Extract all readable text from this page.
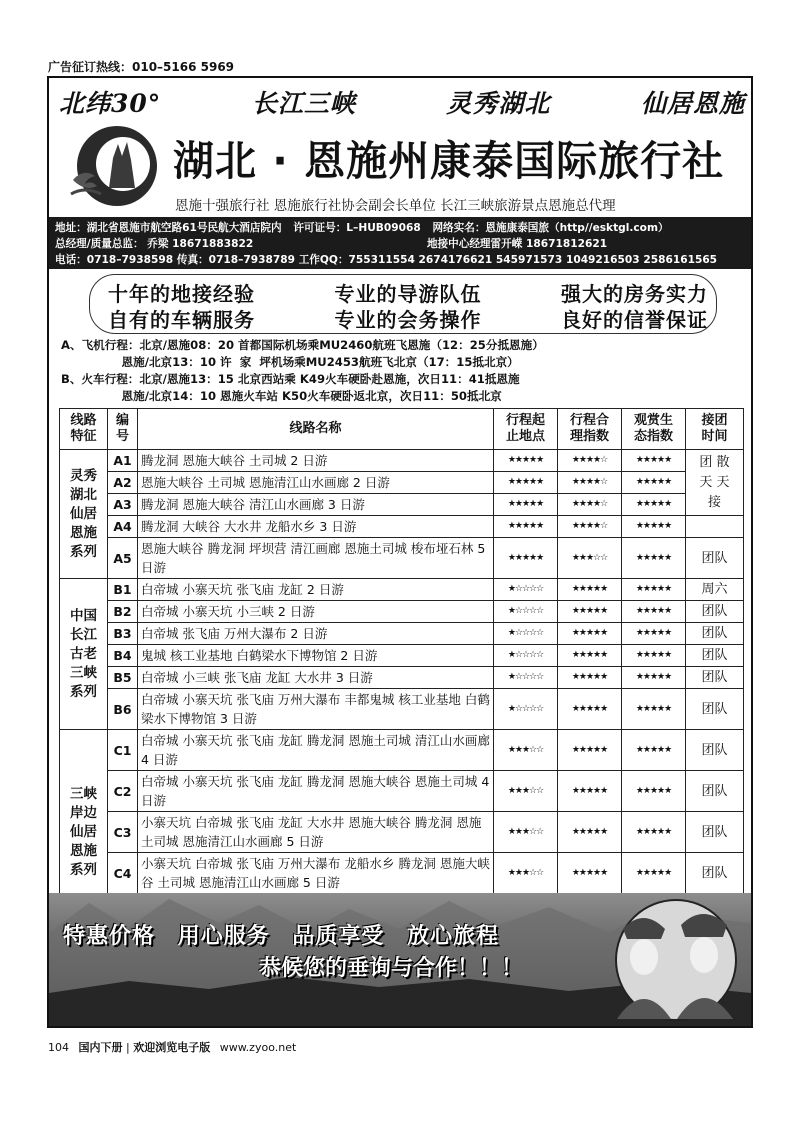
广告征订热线：010–5166 5969
北纬30°	长江三峡	灵秀湖北	仙居恩施
湖北 · 恩施州康泰国际旅行社
恩施十强旅行社 恩施旅行社协会副会长单位 长江三峡旅游景点恩施总代理
地址：湖北省恩施市航空路61号民航大酒店院内 许可证号：L–HUB09068 网络实名：恩施康泰国旅（http//esktgl.com）
总经理/质量总监： 乔梁 18671883822	地接中心经理雷开嵘 18671812621
电话：0718–7938598 传真：0718–7938789 工作QQ：755311554 2674176621 545971573 1049216503 2586161565
十年的地接经验	专业的导游队伍	强大的房务实力
自有的车辆服务	专业的会务操作	良好的信誉保证
A、飞机行程：北京/恩施08：20 首都国际机场乘MU2460航班飞恩施（12：25分抵恩施）
恩施/北京13：10 许  家  坪机场乘MU2453航班飞北京（17：15抵北京）
B、火车行程：北京/恩施13：15 北京西站乘 K49火车硬卧赴恩施，次日11：41抵恩施
恩施/北京14：10 恩施火车站 K50火车硬卧返北京，次日11：50抵北京
线路
特征	编
号	线路名称	行程起
止地点	行程合
理指数	观赏生
态指数	接团
时间
灵秀
湖北
仙居
恩施
系列	A1	腾龙洞 恩施大峡谷 土司城 2 日游	★★★★★	★★★★☆	★★★★★	团 散
天 天
接
	A2	恩施大峡谷 土司城 恩施清江山水画廊 2 日游	★★★★★	★★★★☆	★★★★★	
	A3	腾龙洞 恩施大峡谷 清江山水画廊 3 日游	★★★★★	★★★★☆	★★★★★	
	A4	腾龙洞 大峡谷 大水井 龙船水乡 3 日游	★★★★★	★★★★☆	★★★★★	
	A5	恩施大峡谷 腾龙洞 坪坝营 清江画廊 恩施土司城 梭布垭石林 5 日游	★★★★★	★★★☆☆	★★★★★	团队
中国
长江
古老
三峡
系列	B1	白帝城 小寨天坑 张飞庙 龙缸 2 日游	★☆☆☆☆	★★★★★	★★★★★	周六
	B2	白帝城 小寨天坑 小三峡 2 日游	★☆☆☆☆	★★★★★	★★★★★	团队
	B3	白帝城 张飞庙 万州大瀑布 2 日游	★☆☆☆☆	★★★★★	★★★★★	团队
	B4	鬼城 核工业基地 白鹤梁水下博物馆 2 日游	★☆☆☆☆	★★★★★	★★★★★	团队
	B5	白帝城 小三峡 张飞庙 龙缸 大水井 3 日游	★☆☆☆☆	★★★★★	★★★★★	团队
	B6	白帝城 小寨天坑 张飞庙 万州大瀑布 丰都鬼城 核工业基地 白鹤梁水下博物馆 3 日游	★☆☆☆☆	★★★★★	★★★★★	团队
三峡
岸边
仙居
恩施
系列	C1	白帝城 小寨天坑 张飞庙 龙缸 腾龙洞 恩施土司城 清江山水画廊 4 日游	★★★☆☆	★★★★★	★★★★★	团队
	C2	白帝城 小寨天坑 张飞庙 龙缸 腾龙洞 恩施大峡谷 恩施土司城 4 日游	★★★☆☆	★★★★★	★★★★★	团队
	C3	小寨天坑 白帝城 张飞庙 龙缸 大水井 恩施大峡谷 腾龙洞 恩施土司城 恩施清江山水画廊 5 日游	★★★☆☆	★★★★★	★★★★★	团队
	C4	小寨天坑 白帝城 张飞庙 万州大瀑布 龙船水乡 腾龙洞 恩施大峡谷 土司城 恩施清江山水画廊 5 日游	★★★☆☆	★★★★★	★★★★★	团队

特惠价格 用心服务 品质享受 放心旅程
恭候您的垂询与合作！！！
104 国内下册 | 欢迎浏览电子版 www.zyoo.net
